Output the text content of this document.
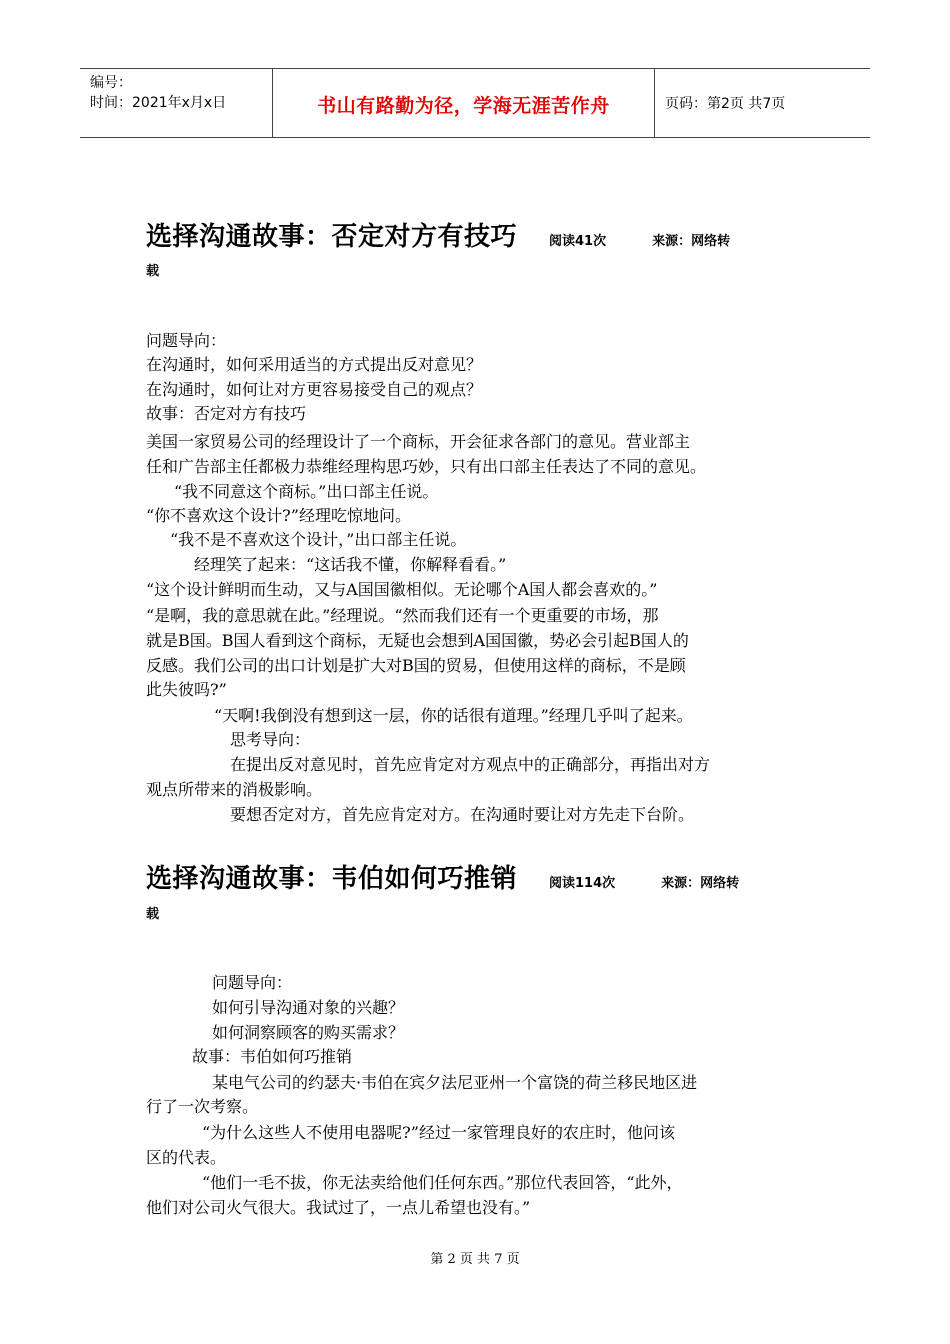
编号：
时间：2021年x月x日	书山有路勤为径，学海无涯苦作舟	页码：第2页 共7页
选择沟通故事：否定对方有技巧 阅读41次	来源：网络转
载
问题导向：
在沟通时，如何采用适当的方式提出反对意见？
在沟通时，如何让对方更容易接受自己的观点？
故事：否定对方有技巧
美国一家贸易公司的经理设计了一个商标，开会征求各部门的意见。营业部主
任和广告部主任都极力恭维经理构思巧妙，只有出口部主任表达了不同的意见。
“我不同意这个商标。”出口部主任说。
“你不喜欢这个设计?”经理吃惊地问。
“我不是不喜欢这个设计，”出口部主任说。
经理笑了起来：“这话我不懂，你解释看看。”
“这个设计鲜明而生动，又与A国国徽相似。无论哪个A国人都会喜欢的。”
“是啊，我的意思就在此。”经理说。“然而我们还有一个更重要的市场，那
就是B国。B国人看到这个商标，无疑也会想到A国国徽，势必会引起B国人的
反感。我们公司的出口计划是扩大对B国的贸易，但使用这样的商标，不是顾
此失彼吗?”
“天啊!我倒没有想到这一层，你的话很有道理。”经理几乎叫了起来。
思考导向：
在提出反对意见时，首先应肯定对方观点中的正确部分，再指出对方
观点所带来的消极影响。
要想否定对方，首先应肯定对方。在沟通时要让对方先走下台阶。
选择沟通故事：韦伯如何巧推销 阅读114次	来源：网络转
载
问题导向：
如何引导沟通对象的兴趣？
如何洞察顾客的购买需求？
故事：韦伯如何巧推销
某电气公司的约瑟夫·韦伯在宾夕法尼亚州一个富饶的荷兰移民地区进
行了一次考察。
“为什么这些人不使用电器呢?”经过一家管理良好的农庄时，他问该
区的代表。
“他们一毛不拔，你无法卖给他们任何东西。”那位代表回答，“此外，
他们对公司火气很大。我试过了，一点儿希望也没有。”
第 2 页 共 7 页
